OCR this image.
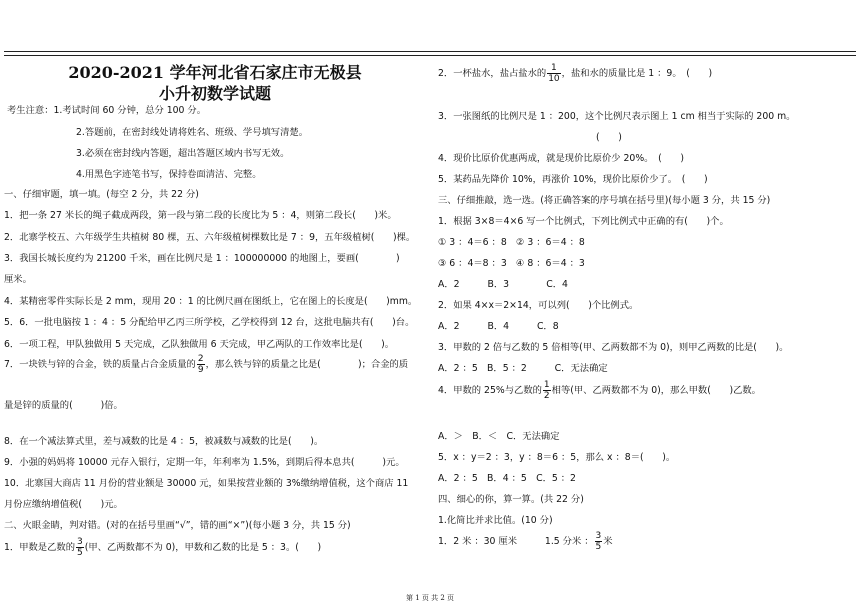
2020-2021 学年河北省石家庄市无极县
小升初数学试题
考生注意：1.考试时间 60 分钟，总分 100 分。
2.答题前，在密封线处请将姓名、班级、学号填写清楚。
3.必须在密封线内答题，超出答题区域内书写无效。
4.用黑色字迹笔书写，保持卷面清洁、完整。
一、仔细审题，填一填。(每空 2 分，共 22 分)
1．把一条 27 米长的绳子截成两段，第一段与第二段的长度比为 5 ：4，则第二段长(　　)米。
2．北寨学校五、六年级学生共植树 80 棵，五、六年级植树棵数比是 7 ：9，五年级植树(　　)棵。
3．我国长城长度约为 21200 千米，画在比例尺是 1 ：100000000 的地图上，要画(　　　　)
厘米。
4．某精密零件实际长是 2 mm，现用 20 ：1 的比例尺画在图纸上，它在图上的长度是(　　)mm。
5．6．一批电脑按 1 ：4 ：5 分配给甲乙丙三所学校，乙学校得到 12 台，这批电脑共有(　　)台。
6．一项工程，甲队独做用 5 天完成，乙队独做用 6 天完成，甲乙两队的工作效率比是(　　)。
7．一块铁与锌的合金，铁的质量占合金质量的 $\frac{2}{9}$ ，那么铁与锌的质量之比是(　　　　)；合金的质
量是锌的质量的(　　　)倍。
8．在一个减法算式里，差与减数的比是 4 ：5，被减数与减数的比是(　　)。
9．小强的妈妈将 10000 元存入银行，定期一年，年利率为 1.5%，到期后得本息共(　　　)元。
10．北寨国大商店 11 月份的营业额是 30000 元，如果按营业额的 3%缴纳增值税，这个商店 11
月份应缴纳增值税(　　)元。
二、火眼金睛，判对错。(对的在括号里画“√”，错的画“×”)(每小题 3 分，共 15 分)
1．甲数是乙数的 $\frac{3}{5}$ (甲、乙两数都不为 0)，甲数和乙数的比是 5 ：3。(　　)
2．一杯盐水，盐占盐水的 $\frac{1}{10}$ ，盐和水的质量比是 1 ：9。　(　　)
3．一张图纸的比例尺是 1 ：200，这个比例尺表示图上 1 cm 相当于实际的 200 m。
(　　)
4．现价比原价优惠两成，就是现价比原价少 20%。　(　　)
5．某药品先降价 10%，再涨价 10%，现价比原价少了。　(　　)
三、仔细推敲，选一选。(将正确答案的序号填在括号里)(每小题 3 分，共 15 分)
1．根据 3×8＝4×6 写一个比例式，下列比例式中正确的有(　　)个。
① 3 ：4＝6 ：8　② 3 ：6＝4 ：8
③ 6 ：4＝8 ：3　④ 8 ：6＝4 ：3
A．2　　　B．3　　　　C．4
2．如果 4×x＝2×14，可以列(　　)个比例式。
A．2　　　B．4　　　C．8
3．甲数的 2 倍与乙数的 5 倍相等(甲、乙两数都不为 0)，则甲乙两数的比是(　　)。
A．2 ：5　B．5 ：2　　　C．无法确定
4．甲数的 25%与乙数的 $\frac{1}{2}$ 相等(甲、乙两数都不为 0)，那么甲数(　　)乙数。
A．＞　B．＜　C．无法确定
5．x ：y＝2 ：3，y ：8＝6 ：5，那么 x ：8＝(　　)。
A．2 ：5　B．4 ：5　C．5 ：2
四、细心的你，算一算。(共 22 分)
1.化简比并求比值。(10 分)
1．2 米 ：30 厘米　　　1.5 分米 ： $\frac{3}{5}$ 米
第 1 页 共 2 页
